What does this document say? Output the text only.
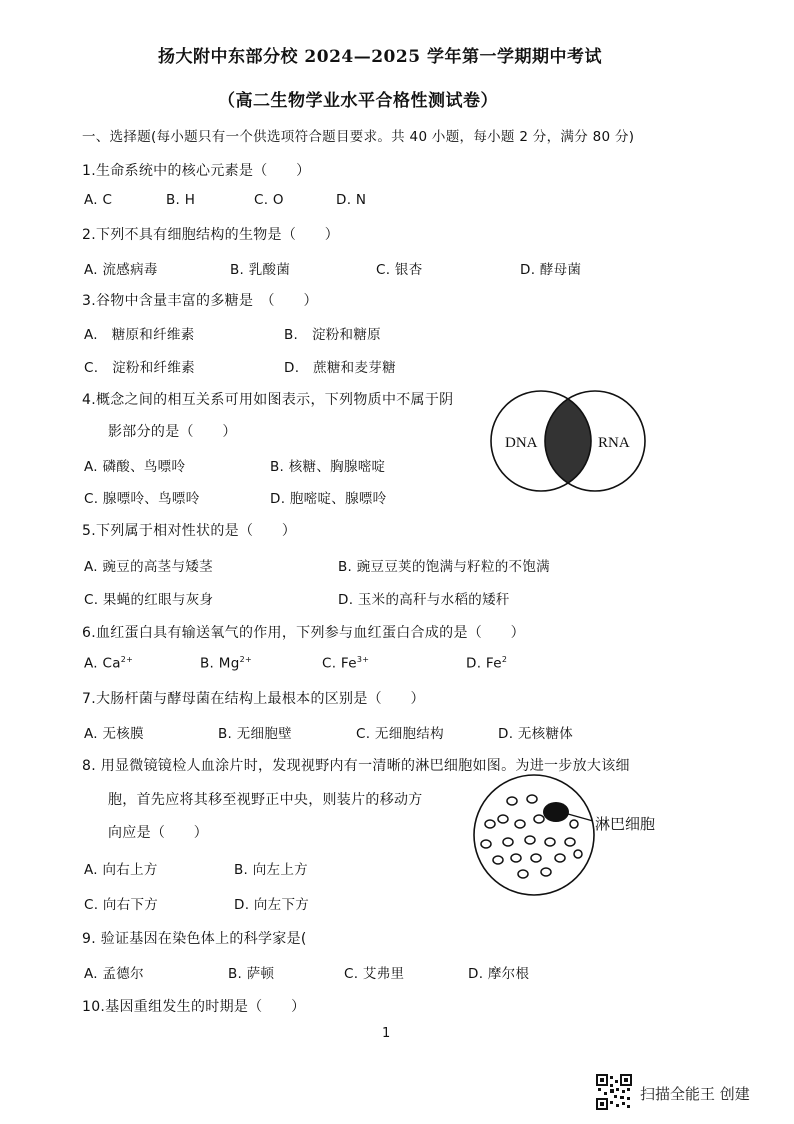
扬大附中东部分校 2024—2025 学年第一学期期中考试
（高二生物学业水平合格性测试卷）
一、选择题(每小题只有一个供选项符合题目要求。共 40 小题，每小题 2 分，满分 80 分)
1.生命系统中的核心元素是（　　）
A. C	B. H	C. O	D. N
2.下列不具有细胞结构的生物是（　　）
A. 流感病毒	B. 乳酸菌	C. 银杏	D. 酵母菌
3.谷物中含量丰富的多糖是　（　　）
A.　糖原和纤维素	B.　淀粉和糖原
C.　淀粉和纤维素	D.　蔗糖和麦芽糖
4.概念之间的相互关系可用如图表示，下列物质中不属于阴
影部分的是（　　）
A. 磷酸、鸟嘌呤	B. 核糖、胸腺嘧啶
C. 腺嘌呤、鸟嘌呤	D. 胞嘧啶、腺嘌呤
DNA	RNA
5.下列属于相对性状的是（　　）
A. 豌豆的高茎与矮茎	B. 豌豆豆荚的饱满与籽粒的不饱满
C. 果蝇的红眼与灰身	D. 玉米的高秆与水稻的矮秆
6.血红蛋白具有输送氧气的作用，下列参与血红蛋白合成的是（　　）
A. $Ca^{2+}$	B. $Mg^{2+}$	C. $Fe^{3+}$	D. Fe$^2$
7.大肠杆菌与酵母菌在结构上最根本的区别是（　　）
A. 无核膜	B. 无细胞壁	C. 无细胞结构	D. 无核糖体
8. 用显微镜镜检人血涂片时，发现视野内有一清晰的淋巴细胞如图。为进一步放大该细
胞，首先应将其移至视野正中央，则装片的移动方
向应是（　　）
A. 向右上方	B. 向左上方
C. 向右下方	D. 向左下方
淋巴细胞
9. 验证基因在染色体上的科学家是(
A. 孟德尔	B. 萨顿	C. 艾弗里	D. 摩尔根
10.基因重组发生的时期是（　　）
1
扫描全能王 创建
